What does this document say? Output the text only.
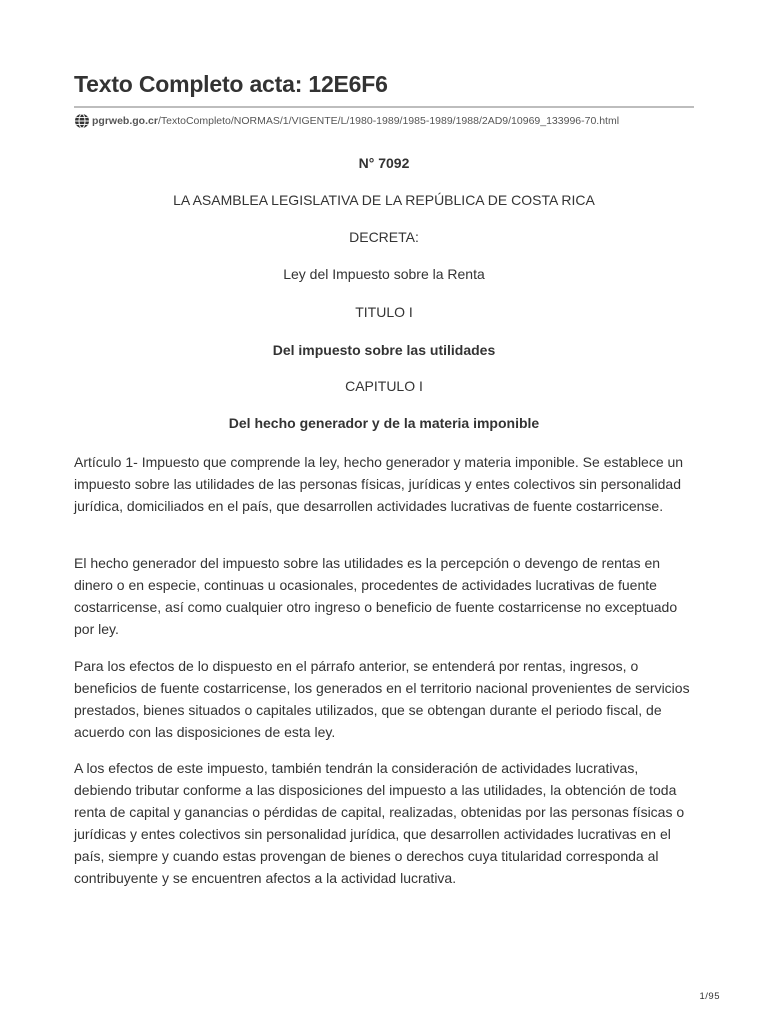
Texto Completo acta: 12E6F6
pgrweb.go.cr /TextoCompleto/NORMAS/1/VIGENTE/L/1980-1989/1985-1989/1988/2AD9/10969_133996-70.html
N° 7092
LA ASAMBLEA LEGISLATIVA DE LA REPÚBLICA DE COSTA RICA
DECRETA:
Ley del Impuesto sobre la Renta
TITULO I
Del impuesto sobre las utilidades
CAPITULO I
Del hecho generador y de la materia imponible

Artículo 1- Impuesto que comprende la ley, hecho generador y materia imponible. Se establece un impuesto sobre las utilidades de las personas físicas, jurídicas y entes colectivos sin personalidad jurídica, domiciliados en el país, que desarrollen actividades lucrativas de fuente costarricense.

El hecho generador del impuesto sobre las utilidades es la percepción o devengo de rentas en dinero o en especie, continuas u ocasionales, procedentes de actividades lucrativas de fuente costarricense, así como cualquier otro ingreso o beneficio de fuente costarricense no exceptuado por ley.

Para los efectos de lo dispuesto en el párrafo anterior, se entenderá por rentas, ingresos, o beneficios de fuente costarricense, los generados en el territorio nacional provenientes de servicios prestados, bienes situados o capitales utilizados, que se obtengan durante el periodo fiscal, de acuerdo con las disposiciones de esta ley.

A los efectos de este impuesto, también tendrán la consideración de actividades lucrativas, debiendo tributar conforme a las disposiciones del impuesto a las utilidades, la obtención de toda renta de capital y ganancias o pérdidas de capital, realizadas, obtenidas por las personas físicas o jurídicas y entes colectivos sin personalidad jurídica, que desarrollen actividades lucrativas en el país, siempre y cuando estas provengan de bienes o derechos cuya titularidad corresponda al contribuyente y se encuentren afectos a la actividad lucrativa.

1/95
